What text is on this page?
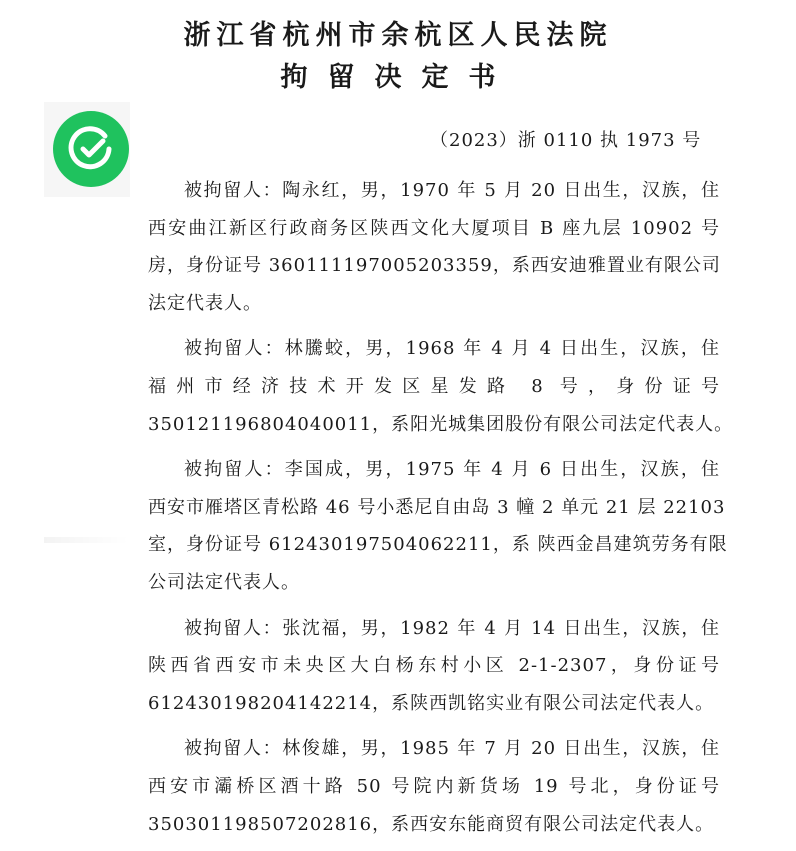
浙江省杭州市余杭区人民法院
拘留决定书
（2023）浙 0110 执 1973 号
被拘留人：陶永红，男，1970 年 5 月 20 日出生，汉族，住
西安曲江新区行政商务区陕西文化大厦项目 B 座九层 10902 号
房，身份证号 360111197005203359，系西安迪雅置业有限公司
法定代表人。
被拘留人：林騰蛟，男，1968 年 4 月 4 日出生，汉族，住
福州市经济技术开发区星发路 8 号，身份证号
350121196804040011，系阳光城集团股份有限公司法定代表人。
被拘留人：李国成，男，1975 年 4 月 6 日出生，汉族，住
西安市雁塔区青松路 46 号小悉尼自由岛 3 幢 2 单元 21 层 22103
室，身份证号 612430197504062211，系 陕西金昌建筑劳务有限
公司法定代表人。
被拘留人：张沈福，男，1982 年 4 月 14 日出生，汉族，住
陕西省西安市未央区大白杨东村小区 2-1-2307，身份证号
612430198204142214，系陕西凯铭实业有限公司法定代表人。
被拘留人：林俊雄，男，1985 年 7 月 20 日出生，汉族，住
西安市灞桥区酒十路 50 号院内新货场 19 号北，身份证号
350301198507202816，系西安东能商贸有限公司法定代表人。
